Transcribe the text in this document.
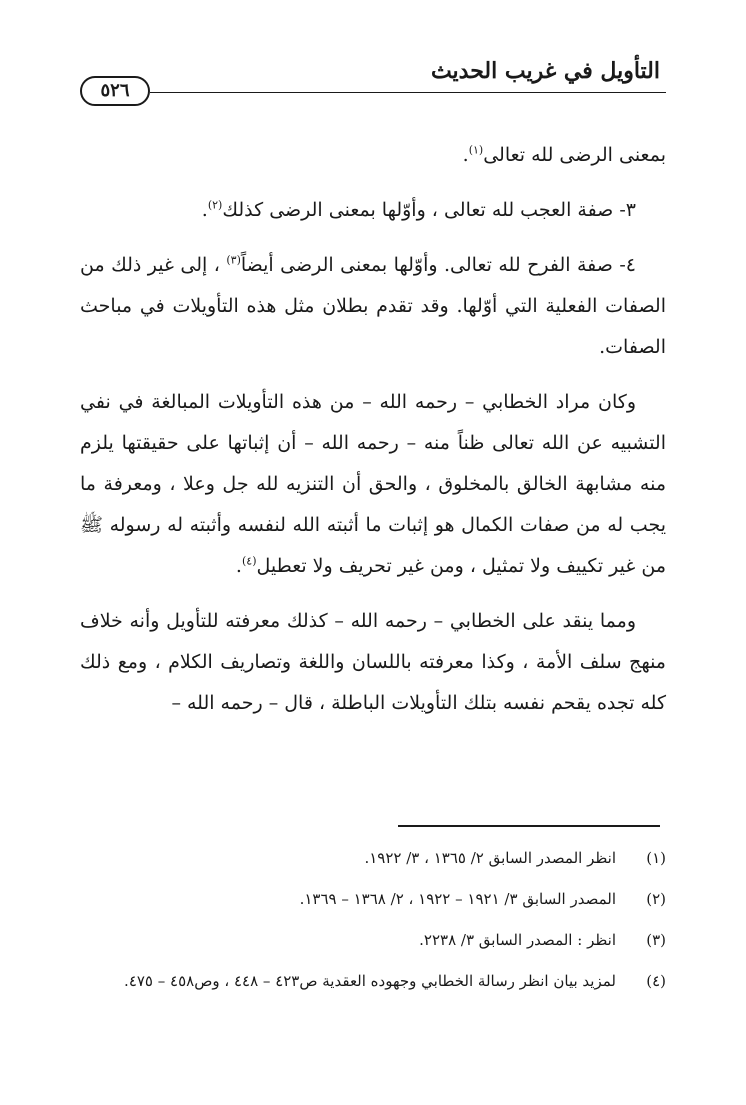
التأويل في غريب الحديث
٥٢٦

بمعنى الرضى لله تعالى$^{(١)}$.

٣- صفة العجب لله تعالى ، وأوّلها بمعنى الرضى كذلك$^{(٢)}$.

٤- صفة الفرح لله تعالى. وأوّلها بمعنى الرضى أيضاً$^{(٣)}$ ، إلى غير ذلك من الصفات الفعلية التي أوّلها. وقد تقدم بطلان مثل هذه التأويلات في مباحث الصفات.

وكان مراد الخطابي – رحمه الله – من هذه التأويلات المبالغة في نفي التشبيه عن الله تعالى ظناً منه – رحمه الله – أن إثباتها على حقيقتها يلزم منه مشابهة الخالق بالمخلوق ، والحق أن التنزيه لله جل وعلا ، ومعرفة ما يجب له من صفات الكمال هو إثبات ما أثبته الله لنفسه وأثبته له رسوله ﷺ من غير تكييف ولا تمثيل ، ومن غير تحريف ولا تعطيل$^{(٤)}$.

ومما ينقد على الخطابي – رحمه الله – كذلك معرفته للتأويل وأنه خلاف منهج سلف الأمة ، وكذا معرفته باللسان واللغة وتصاريف الكلام ، ومع ذلك كله تجده يقحم نفسه بتلك التأويلات الباطلة ، قال – رحمه الله –

(١)
انظر المصدر السابق ٢/ ١٣٦٥ ، ٣/ ١٩٢٢.
(٢)
المصدر السابق ٣/ ١٩٢١ – ١٩٢٢ ، ٢/ ١٣٦٨ – ١٣٦٩.
(٣)
انظر : المصدر السابق ٣/ ٢٢٣٨.
(٤)
لمزيد بيان انظر رسالة الخطابي وجهوده العقدية ص٤٢٣ – ٤٤٨ ، وص٤٥٨ – ٤٧٥.
